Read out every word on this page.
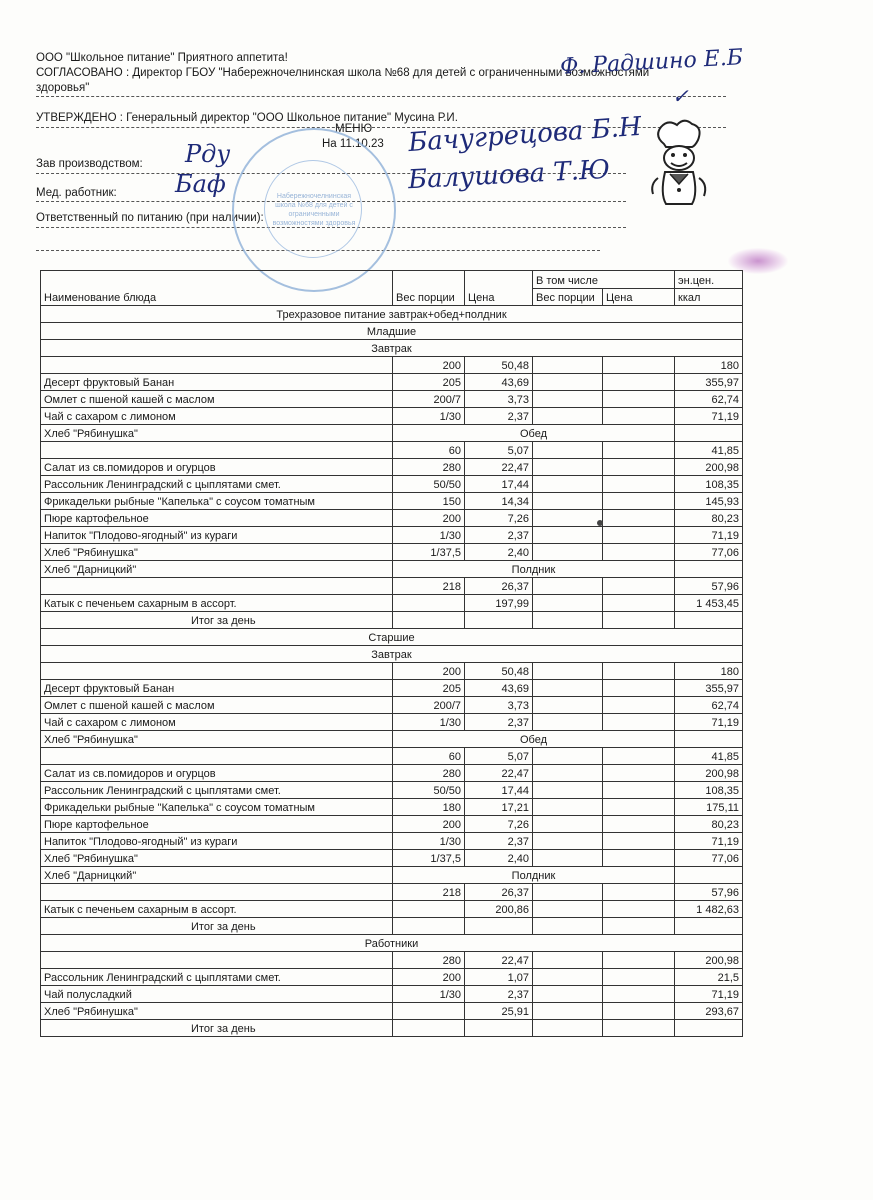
ООО "Школьное питание" Приятного аппетита!
СОГЛАСОВАНО : Директор ГБОУ "Набережночелнинская школа №68 для детей с ограниченными возможностями
здоровья"
Ф. Радшино Е.Б
УТВЕРЖДЕНО : Генеральный директор "ООО Школьное питание" Мусина Р.И.
✓
МЕНЮ
На 11.10.23
Зав производством: Рду	Бачугрецова Б.Н
Мед. работник: Баф	Балушова Т.Ю
Ответственный по питанию (при наличии):
Набережночелнинская школа №68 для детей с ограниченными возможностями здоровья
Наименование блюда	Вес порции	Цена	В том числе		эн.цен.
			Вес порции	Цена	ккал
Трехразовое питание завтрак+обед+полдник					
Младшие					
Завтрак					
	200	50,48			180
Десерт фруктовый Банан	205	43,69			355,97
Омлет с пшеной кашей с маслом	200/7	3,73			62,74
Чай с сахаром с лимоном	1/30	2,37			71,19
Хлеб "Рябинушка"	Обед				
	60	5,07			41,85
Салат из св.помидоров и огурцов	280	22,47			200,98
Рассольник Ленинградский с цыплятами смет.	50/50	17,44			108,35
Фрикадельки рыбные "Капелька" с соусом томатным	150	14,34			145,93
Пюре картофельное	200	7,26			80,23
Напиток "Плодово-ягодный" из кураги	1/30	2,37			71,19
Хлеб "Рябинушка"	1/37,5	2,40			77,06
Хлеб "Дарницкий"	Полдник				
	218	26,37			57,96
Катык с печеньем сахарным в ассорт.		197,99			1 453,45
Итог за день					
Старшие					
Завтрак					
	200	50,48			180
Десерт фруктовый Банан	205	43,69			355,97
Омлет с пшеной кашей с маслом	200/7	3,73			62,74
Чай с сахаром с лимоном	1/30	2,37			71,19
Хлеб "Рябинушка"	Обед				
	60	5,07			41,85
Салат из св.помидоров и огурцов	280	22,47			200,98
Рассольник Ленинградский с цыплятами смет.	50/50	17,44			108,35
Фрикадельки рыбные "Капелька" с соусом томатным	180	17,21			175,11
Пюре картофельное	200	7,26			80,23
Напиток "Плодово-ягодный" из кураги	1/30	2,37			71,19
Хлеб "Рябинушка"	1/37,5	2,40			77,06
Хлеб "Дарницкий"	Полдник				
	218	26,37			57,96
Катык с печеньем сахарным в ассорт.		200,86			1 482,63
Итог за день					
Работники					
	280	22,47			200,98
Рассольник Ленинградский с цыплятами смет.	200	1,07			21,5
Чай полусладкий	1/30	2,37			71,19
Хлеб "Рябинушка"		25,91			293,67
Итог за день					
